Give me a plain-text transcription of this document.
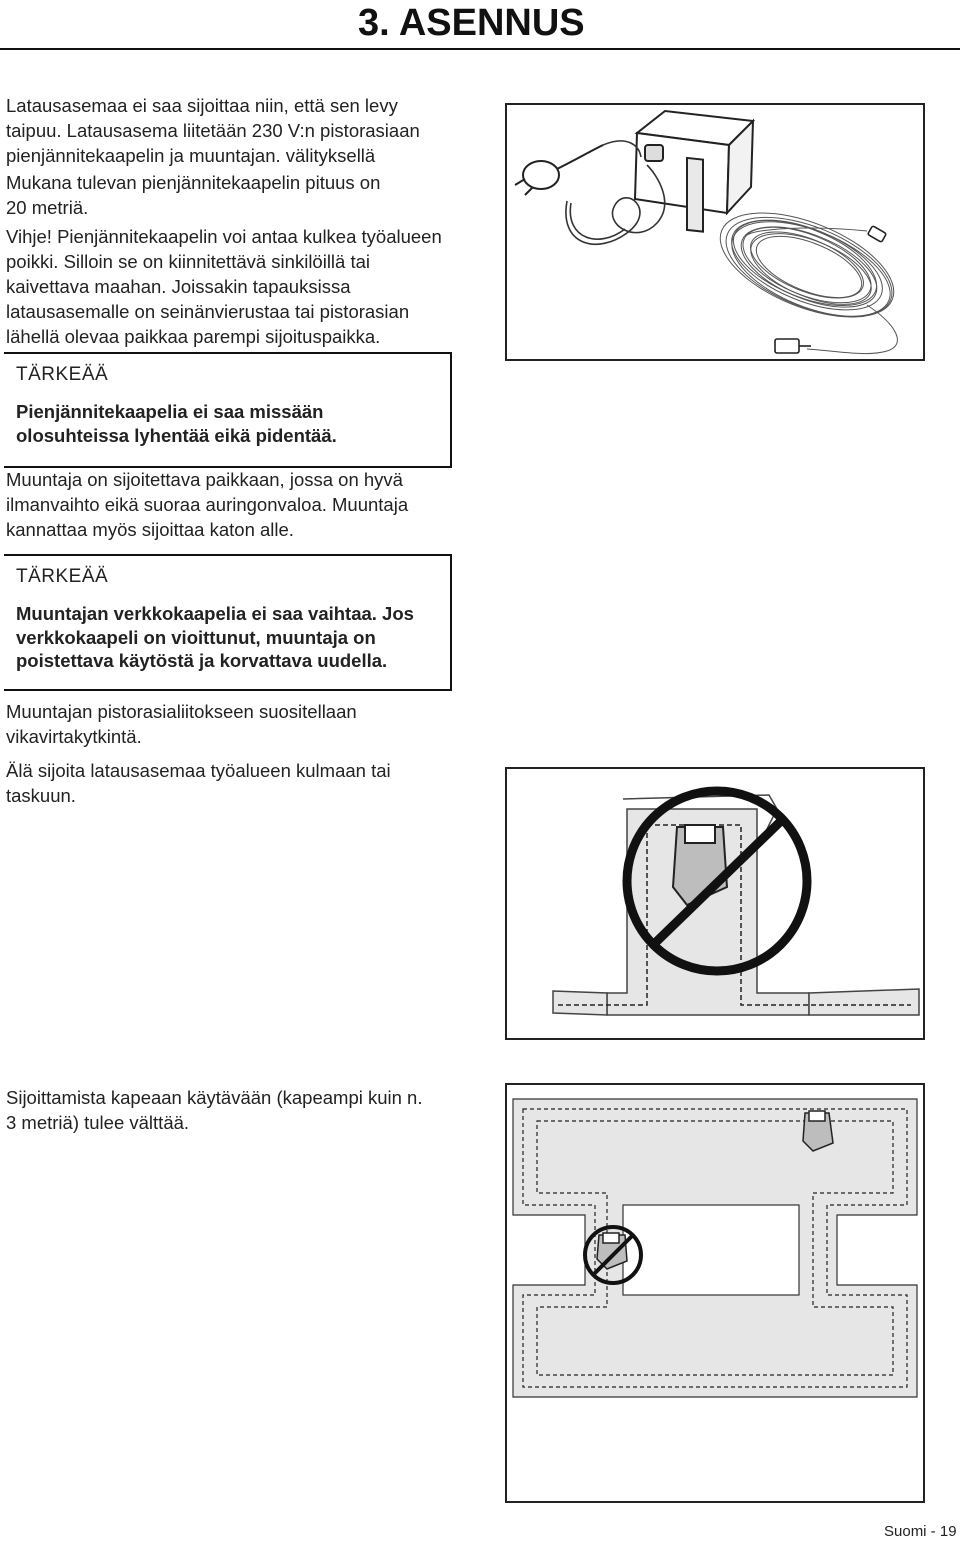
3. ASENNUS

Latausasemaa ei saa sijoittaa niin, että sen levy
taipuu. Latausasema liitetään 230 V:n pistorasiaan
pienjännitekaapelin ja muuntajan. välityksellä

Mukana tulevan pienjännitekaapelin pituus on
20 metriä.

Vihje! Pienjännitekaapelin voi antaa kulkea työalueen
poikki. Silloin se on kiinnitettävä sinkilöillä tai
kaivettava maahan. Joissakin tapauksissa
latausasemalle on seinänvierustaa tai pistorasian
lähellä olevaa paikkaa parempi sijoituspaikka.

TÄRKEÄÄ
Pienjännitekaapelia ei saa missään
olosuhteissa lyhentää eikä pidentää.

Muuntaja on sijoitettava paikkaan, jossa on hyvä
ilmanvaihto eikä suoraa auringonvaloa. Muuntaja
kannattaa myös sijoittaa katon alle.

TÄRKEÄÄ
Muuntajan verkkokaapelia ei saa vaihtaa. Jos
verkkokaapeli on vioittunut, muuntaja on
poistettava käytöstä ja korvattava uudella.

Muuntajan pistorasialiitokseen suositellaan
vikavirtakytkintä.

Älä sijoita latausasemaa työalueen kulmaan tai
taskuun.

Sijoittamista kapeaan käytävään (kapeampi kuin n.
3 metriä) tulee välttää.

Suomi - 19
